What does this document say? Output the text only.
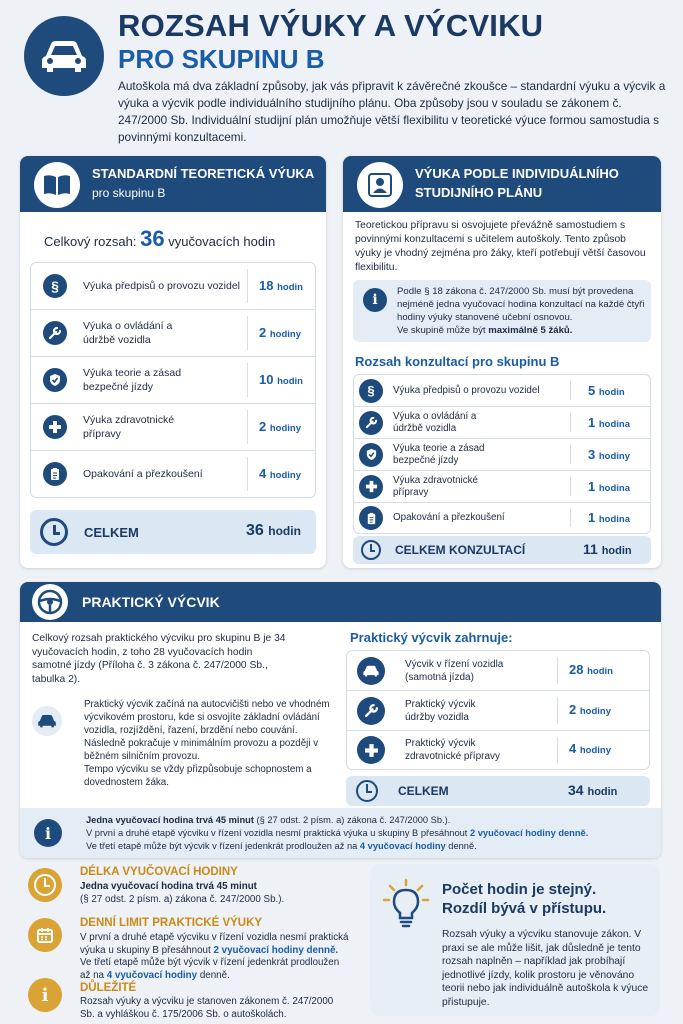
ROZSAH VÝUKY A VÝCVIKU
PRO SKUPINU B
Autoškola má dva základní způsoby, jak vás připravit k závěrečné zkoušce – standardní výuku a výcvik a výuka a výcvik podle individuálního studijního plánu. Oba způsoby jsou v souladu se zákonem č. 247/2000 Sb. Individuální studijní plán umožňuje větší flexibilitu v teoretické výuce formou samostudia s povinnými konzultacemi.
STANDARDNÍ TEORETICKÁ VÝUKA
pro skupinu B
Celkový rozsah: 36 vyučovacích hodin
§ Výuka předpisů o provozu vozidel 18 hodin
Výuka o ovládání a údržbě vozidla	2 hodiny
Výuka teorie a zásad bezpečné jízdy	10 hodin
Výuka zdravotnické přípravy	2 hodiny
Opakování a přezkoušení	4 hodiny
CELKEM	36 hodin
VÝUKA PODLE INDIVIDUÁLNÍHO
STUDIJNÍHO PLÁNU
Teoretickou přípravu si osvojujete převážně samostudiem s povinnými konzultacemi s učitelem autoškoly. Tento způsob výuky je vhodný zejména pro žáky, kteří potřebují větší časovou flexibilitu.
i
Podle § 18 zákona č. 247/2000 Sb. musí být provedena nejméně jedna vyučovací hodina konzultací na každé čtyři hodiny výuky stanovené učební osnovou.
Ve skupině může být maximálně 5 žáků.
Rozsah konzultací pro skupinu B
§ Výuka předpisů o provozu vozidel	5 hodin
Výuka o ovládání a údržbě vozidla	1 hodina
Výuka teorie a zásad bezpečné jízdy	3 hodiny
Výuka zdravotnické přípravy	1 hodina
Opakování a přezkoušení	1 hodina
CELKEM KONZULTACÍ	11 hodin
PRAKTICKÝ VÝCVIK
Celkový rozsah praktického výcviku pro skupinu B je 34 vyučovacích hodin, z toho 28 vyučovacích hodin samotné jízdy (Příloha č. 3 zákona č. 247/2000 Sb., tabulka 2).
Praktický výcvik začíná na autocvičišti nebo ve vhodném výcvikovém prostoru, kde si osvojíte základní ovládání vozidla, rozjíždění, řazení, brzdění nebo couvání.
Následně pokračuje v minimálním provozu a později v běžném silničním provozu.
Tempo výcviku se vždy přizpůsobuje schopnostem a dovednostem žáka.
Praktický výcvik zahrnuje:
Výcvik v řízení vozidla (samotná jízda)	28 hodin
Praktický výcvik údržby vozidla	2 hodiny
Praktický výcvik zdravotnické přípravy
4 hodiny
CELKEM	34 hodin
i
Jedna vyučovací hodina trvá 45 minut (§ 27 odst. 2 písm. a) zákona č. 247/2000 Sb.).
V první a druhé etapě výcviku v řízení vozidla nesmí praktická výuka u skupiny B přesáhnout 2 vyučovací hodiny denně.
Ve třetí etapě může být výcvik v řízení jedenkrát prodloužen až na 4 vyučovací hodiny denně.
DÉLKA VYUČOVACÍ HODINY
Jedna vyučovací hodina trvá 45 minut
(§ 27 odst. 2 písm. a) zákona č. 247/2000 Sb.).
DENNÍ LIMIT PRAKTICKÉ VÝUKY
V první a druhé etapě výcviku v řízení vozidla nesmí praktická výuka u skupiny B přesáhnout 2 vyučovací hodiny denně.
Ve třetí etapě může být výcvik v řízení jedenkrát prodloužen až na 4 vyučovací hodiny denně.
i	DŮLEŽITÉ
Rozsah výuky a výcviku je stanoven zákonem č. 247/2000 Sb. a vyhláškou č. 175/2006 Sb. o autoškolách.
Počet hodin je stejný.
Rozdíl bývá v přístupu.
Rozsah výuky a výcviku stanovuje zákon. V praxi se ale může lišit, jak důsledně je tento rozsah naplněn – například jak probíhají jednotlivé jízdy, kolik prostoru je věnováno teorii nebo jak individuálně autoškola k výuce přistupuje.
